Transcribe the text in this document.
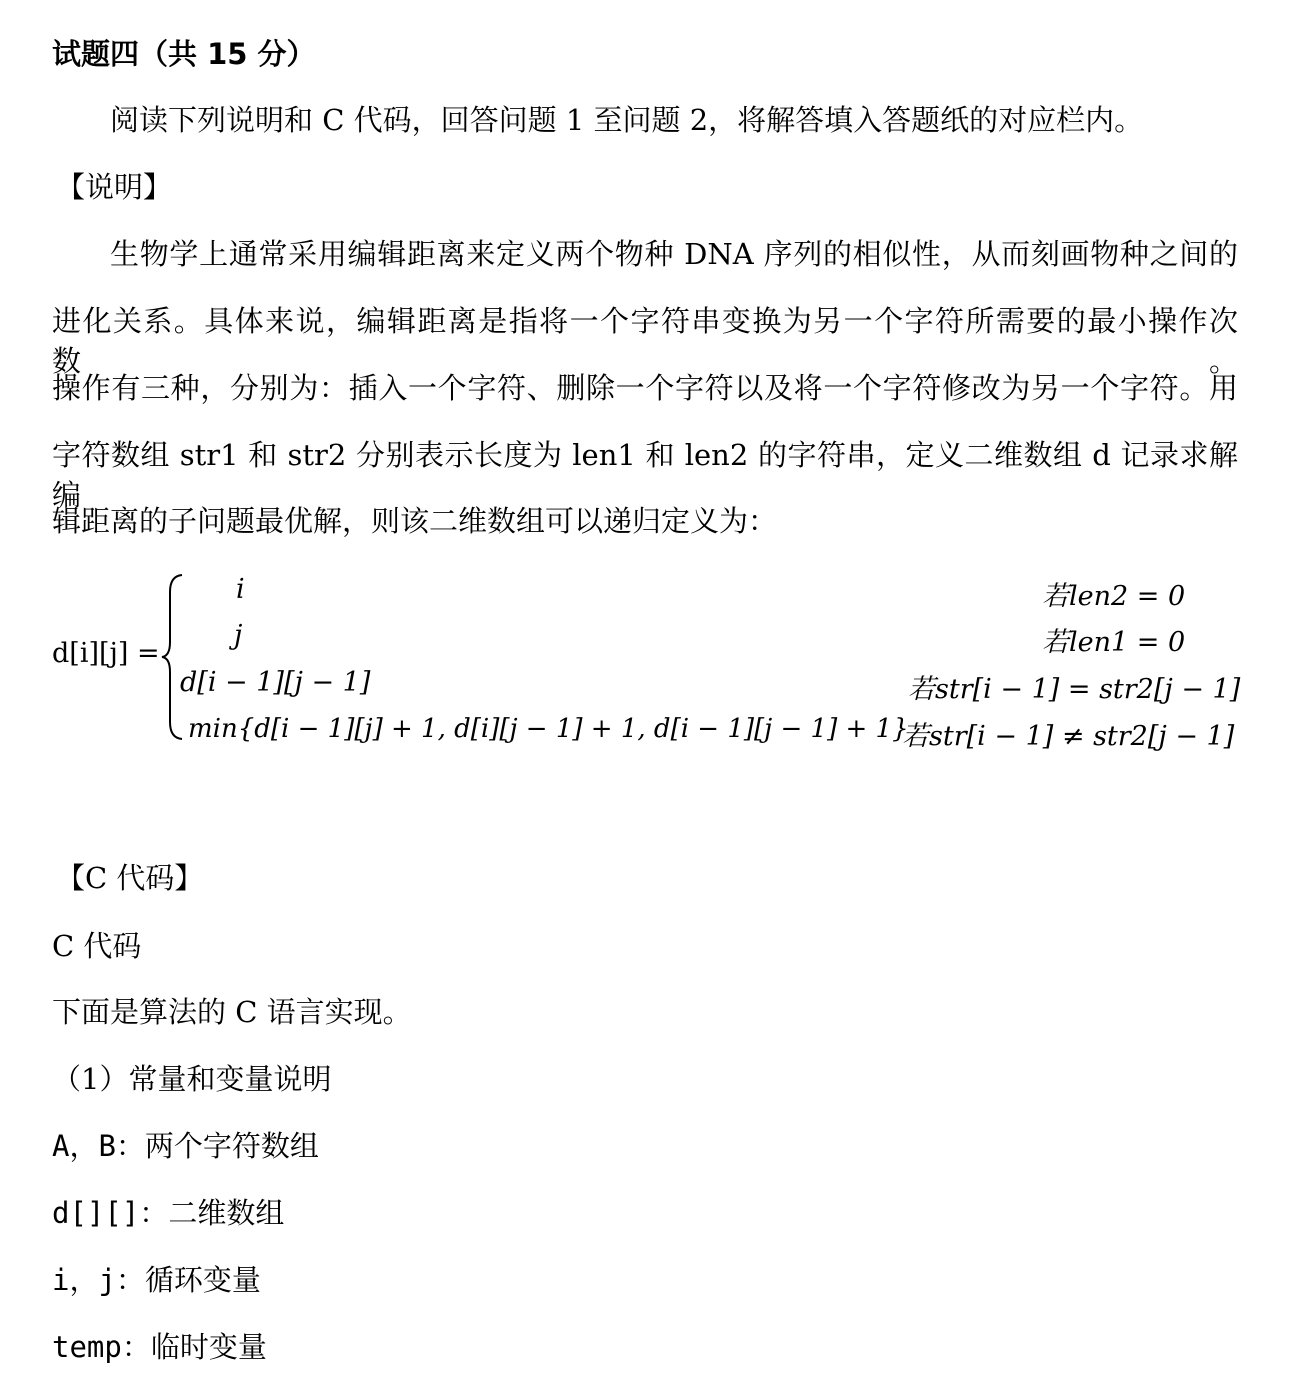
试题四（共 15 分）
阅读下列说明和 C 代码，回答问题 1 至问题 2，将解答填入答题纸的对应栏内。
【说明】
生物学上通常采用编辑距离来定义两个物种 DNA 序列的相似性，从而刻画物种之间的
进化关系。具体来说，编辑距离是指将一个字符串变换为另一个字符所需要的最小操作次数。
操作有三种，分别为：插入一个字符、删除一个字符以及将一个字符修改为另一个字符。用
字符数组 str1 和 str2 分别表示长度为 len1 和 len2 的字符串，定义二维数组 d 记录求解编
辑距离的子问题最优解，则该二维数组可以递归定义为：
d[i][j] =
i
j
d[i − 1][j − 1]
min{d[i − 1][j] + 1, d[i][j − 1] + 1, d[i − 1][j − 1] + 1}
若len2 = 0
若len1 = 0
若str[i − 1] = str2[j − 1]
若str[i − 1] ≠ str2[j − 1]
【C 代码】
C 代码
下面是算法的 C 语言实现。
（1）常量和变量说明
A，B：两个字符数组
d[][]：二维数组
i，j：循环变量
temp：临时变量
